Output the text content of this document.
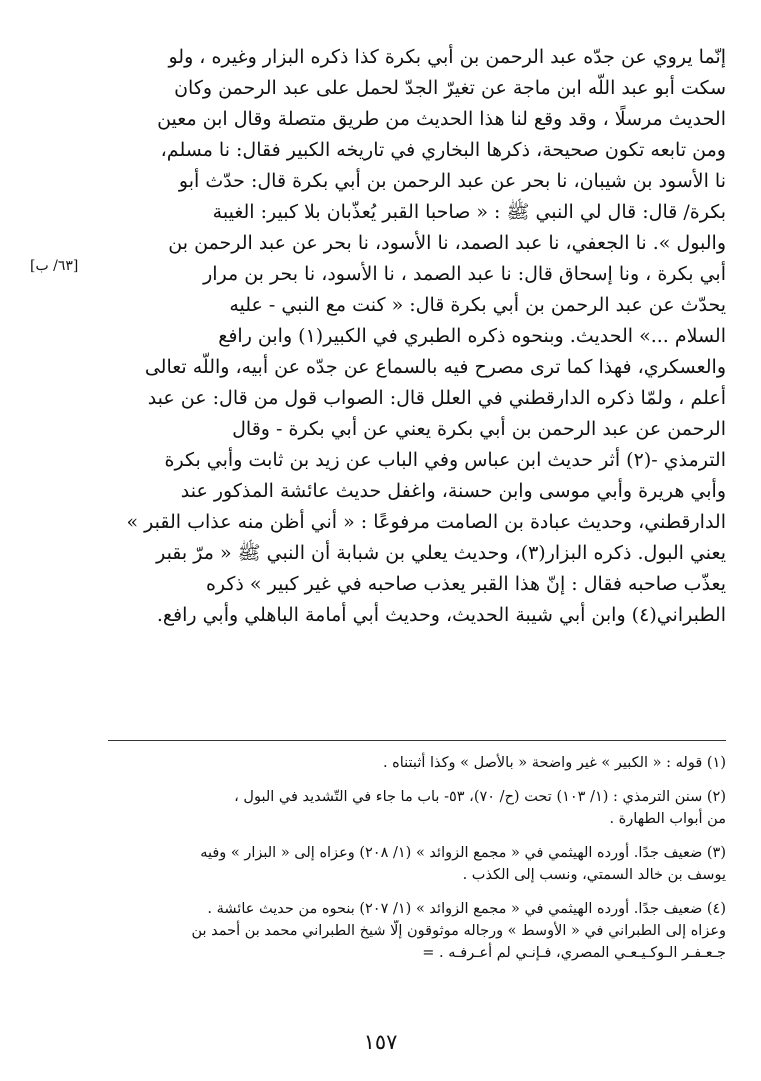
إنّما يروي عن جدّه عبد الرحمن بن أبي بكرة كذا ذكره البزار وغيره ، ولو
سكت أبو عبد اللّه ابن ماجة عن تغيرّ الجدّ لحمل على عبد الرحمن وكان
الحديث مرسلًا ، وقد وقع لنا هذا الحديث من طريق متصلة وقال ابن معين
ومن تابعه تكون صحيحة، ذكرها البخاري في تاريخه الكبير فقال: نا مسلم،
نا الأسود بن شيبان، نا بحر عن عبد الرحمن بن أبي بكرة قال: حدّث أبو
بكرة/ قال: قال لي النبي ﷺ : « صاحبا القبر يُعذّبان بلا كبير: الغيبة
والبول ». نا الجعفي، نا عبد الصمد، نا الأسود، نا بحر عن عبد الرحمن بن
أبي بكرة ، ونا إسحاق قال: نا عبد الصمد ، نا الأسود، نا بحر بن مرار
يحدّث عن عبد الرحمن بن أبي بكرة قال: « كنت مع النبي - عليه
السلام ...» الحديث. وبنحوه ذكره الطبري في الكبير(١) وابن رافع
والعسكري، فهذا كما ترى مصرح فيه بالسماع عن جدّه عن أبيه، واللّه تعالى
أعلم ، ولمّا ذكره الدارقطني في العلل قال: الصواب قول من قال: عن عبد
الرحمن عن عبد الرحمن بن أبي بكرة يعني عن أبي بكرة - وقال
الترمذي -(٢) أثر حديث ابن عباس وفي الباب عن زيد بن ثابت وأبي بكرة
وأبي هريرة وأبي موسى وابن حسنة، واغفل حديث عائشة المذكور عند
الدارقطني، وحديث عبادة بن الصامت مرفوعًا : « أني أظن منه عذاب القبر »
يعني البول. ذكره البزار(٣)، وحديث يعلي بن شبابة أن النبي ﷺ « مرّ بقبر
يعذّب صاحبه فقال : إنّ هذا القبر يعذب صاحبه في غير كبير » ذكره
الطبراني(٤) وابن أبي شيبة الحديث، وحديث أبي أمامة الباهلي وأبي رافع.
[٦٣/ ب]
(١) قوله : « الكبير » غير واضحة « بالأصل » وكذا أثبتناه .
(٢) سنن الترمذي : (١/ ١٠٣) تحت (ح/ ٧٠)، ٥٣- باب ما جاء في التّشديد في البول ،
من أبواب الطهارة .
(٣) ضعيف جدًا. أورده الهيثمي في « مجمع الزوائد » (١/ ٢٠٨) وعزاه إلى « البزار » وفيه
يوسف بن خالد السمتي، ونسب إلى الكذب .
(٤) ضعيف جدًا. أورده الهيثمي في « مجمع الزوائد » (١/ ٢٠٧) بنحوه من حديث عائشة .
وعزاه إلى الطبراني في « الأوسط » ورجاله موثوقون إلّا شيخ الطبراني محمد بن أحمد بن
جـعـفـر الـوكـيـعـي المصري، فـإنـي لم أعـرفـه . =
١٥٧
